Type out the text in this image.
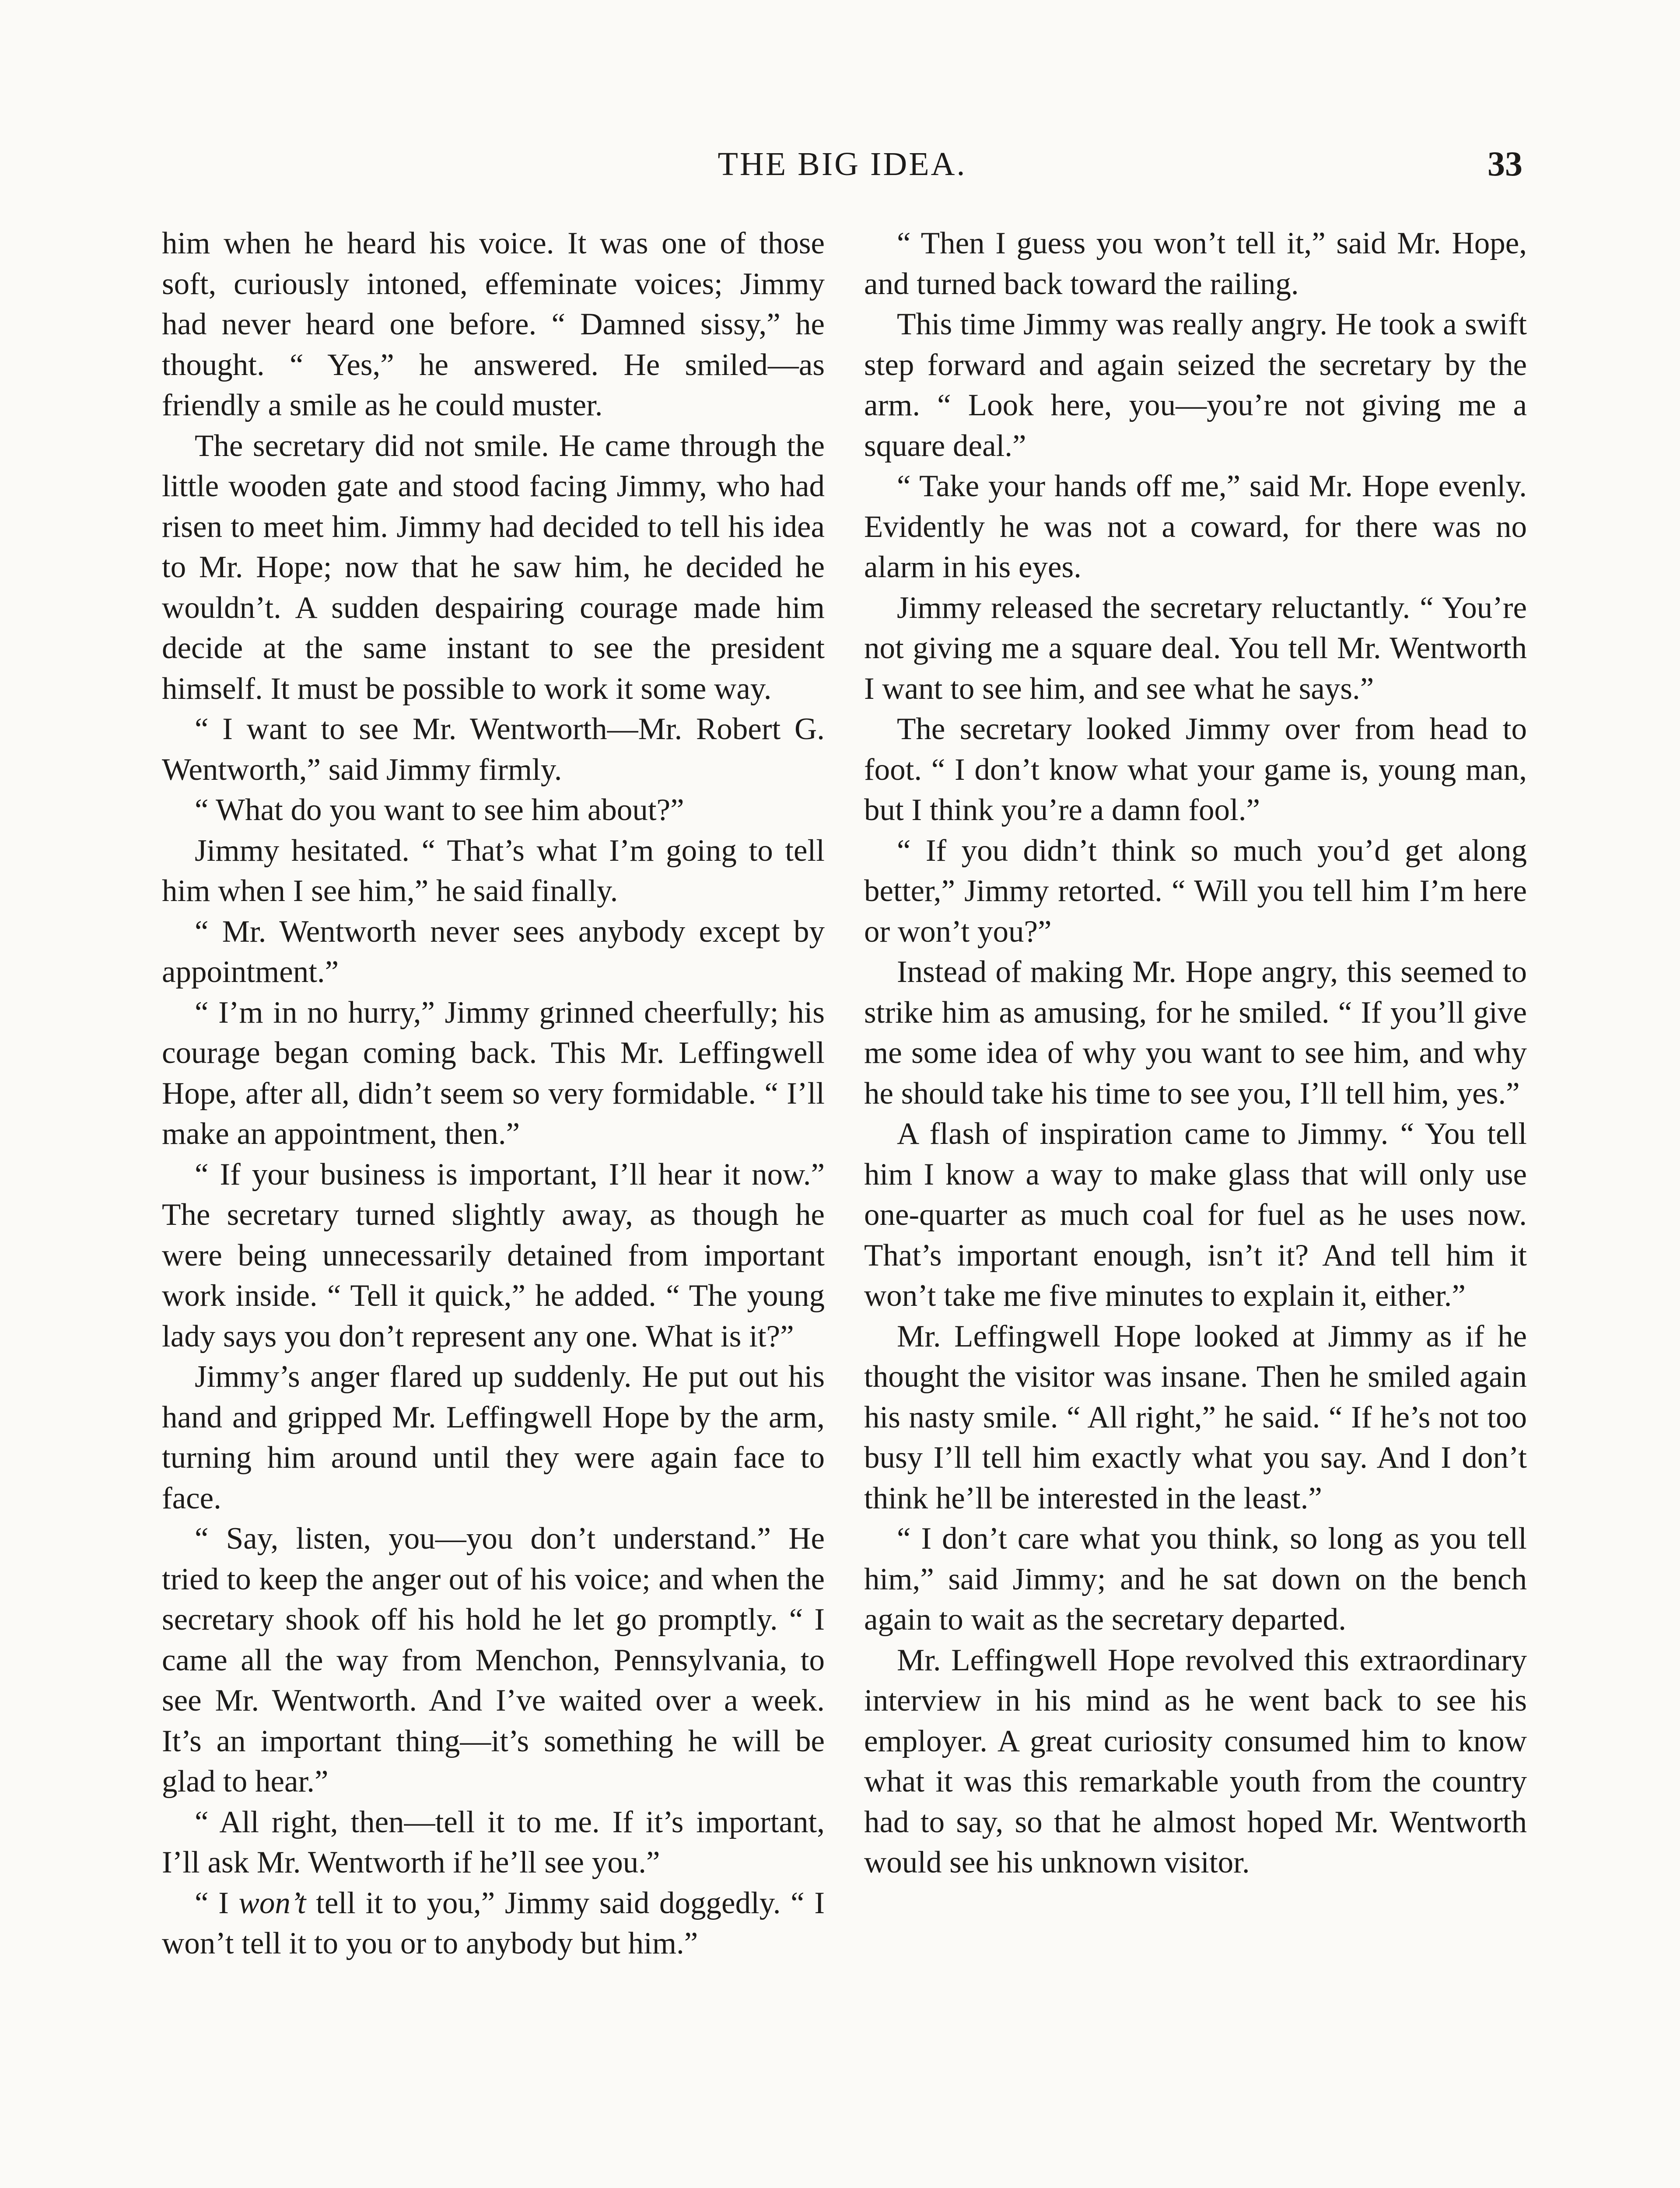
THE BIG IDEA.	33

him when he heard his voice. It was one of those soft, curiously intoned, effeminate voices; Jimmy had never heard one before. “ Damned sissy,” he thought. “ Yes,” he answered. He smiled—as friendly a smile as he could muster.

The secretary did not smile. He came through the little wooden gate and stood facing Jimmy, who had risen to meet him. Jimmy had decided to tell his idea to Mr. Hope; now that he saw him, he decided he wouldn’t. A sudden despairing courage made him decide at the same instant to see the president himself. It must be possible to work it some way.

“ I want to see Mr. Wentworth—Mr. Robert G. Wentworth,” said Jimmy firmly.

“ What do you want to see him about?”

Jimmy hesitated. “ That’s what I’m going to tell him when I see him,” he said finally.

“ Mr. Wentworth never sees anybody except by appointment.”

“ I’m in no hurry,” Jimmy grinned cheerfully; his courage began coming back. This Mr. Leffingwell Hope, after all, didn’t seem so very formidable. “ I’ll make an appointment, then.”

“ If your business is important, I’ll hear it now.” The secretary turned slightly away, as though he were being unnecessarily detained from important work inside. “ Tell it quick,” he added. “ The young lady says you don’t represent any one. What is it?”

Jimmy’s anger flared up suddenly. He put out his hand and gripped Mr. Leffingwell Hope by the arm, turning him around until they were again face to face.

“ Say, listen, you—you don’t understand.” He tried to keep the anger out of his voice; and when the secretary shook off his hold he let go promptly. “ I came all the way from Menchon, Pennsylvania, to see Mr. Wentworth. And I’ve waited over a week. It’s an important thing—it’s something he will be glad to hear.”

“ All right, then—tell it to me. If it’s important, I’ll ask Mr. Wentworth if he’ll see you.”

“ I won’t tell it to you,” Jimmy said doggedly. “ I won’t tell it to you or to anybody but him.”

“ Then I guess you won’t tell it,” said Mr. Hope, and turned back toward the railing.

This time Jimmy was really angry. He took a swift step forward and again seized the secretary by the arm. “ Look here, you—you’re not giving me a square deal.”

“ Take your hands off me,” said Mr. Hope evenly. Evidently he was not a coward, for there was no alarm in his eyes.

Jimmy released the secretary reluctantly. “ You’re not giving me a square deal. You tell Mr. Wentworth I want to see him, and see what he says.”

The secretary looked Jimmy over from head to foot. “ I don’t know what your game is, young man, but I think you’re a damn fool.”

“ If you didn’t think so much you’d get along better,” Jimmy retorted. “ Will you tell him I’m here or won’t you?”

Instead of making Mr. Hope angry, this seemed to strike him as amusing, for he smiled. “ If you’ll give me some idea of why you want to see him, and why he should take his time to see you, I’ll tell him, yes.”

A flash of inspiration came to Jimmy. “ You tell him I know a way to make glass that will only use one-quarter as much coal for fuel as he uses now. That’s important enough, isn’t it? And tell him it won’t take me five minutes to explain it, either.”

Mr. Leffingwell Hope looked at Jimmy as if he thought the visitor was insane. Then he smiled again his nasty smile. “ All right,” he said. “ If he’s not too busy I’ll tell him exactly what you say. And I don’t think he’ll be interested in the least.”

“ I don’t care what you think, so long as you tell him,” said Jimmy; and he sat down on the bench again to wait as the secretary departed.

Mr. Leffingwell Hope revolved this extraordinary interview in his mind as he went back to see his employer. A great curiosity consumed him to know what it was this remarkable youth from the country had to say, so that he almost hoped Mr. Wentworth would see his unknown visitor.
